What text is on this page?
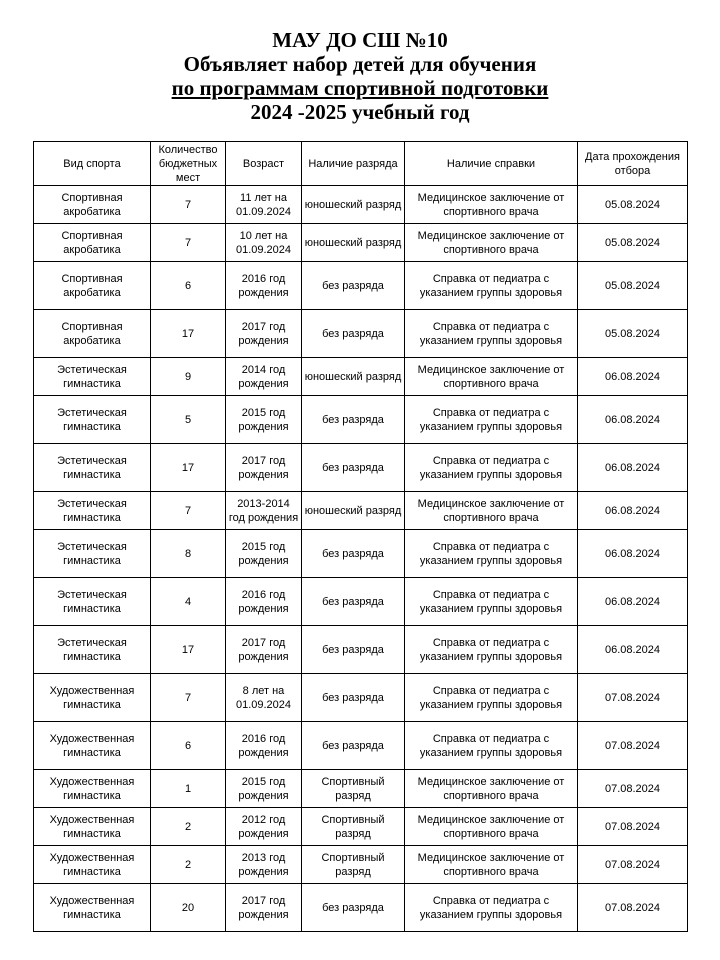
МАУ ДО СШ №10
Объявляет набор детей для обучения
по программам спортивной подготовки
2024 -2025 учебный год
Вид спорта	Количество бюджетных мест	Возраст	Наличие разряда	Наличие справки	Дата прохождения отбора
Спортивная акробатика	7	11 лет на 01.09.2024	юношеский разряд	Медицинское заключение от спортивного врача	05.08.2024
Спортивная акробатика	7	10 лет на 01.09.2024	юношеский разряд	Медицинское заключение от спортивного врача	05.08.2024
Спортивная акробатика	6	2016 год рождения	без разряда	Справка от педиатра с указанием группы здоровья	05.08.2024
Спортивная акробатика	17	2017 год рождения	без разряда	Справка от педиатра с указанием группы здоровья	05.08.2024
Эстетическая гимнастика	9	2014 год рождения	юношеский разряд	Медицинское заключение от спортивного врача	06.08.2024
Эстетическая гимнастика	5	2015 год рождения	без разряда	Справка от педиатра с указанием группы здоровья	06.08.2024
Эстетическая гимнастика	17	2017 год рождения	без разряда	Справка от педиатра с указанием группы здоровья	06.08.2024
Эстетическая гимнастика	7	2013-2014 год рождения	юношеский разряд	Медицинское заключение от спортивного врача	06.08.2024
Эстетическая гимнастика	8	2015 год рождения	без разряда	Справка от педиатра с указанием группы здоровья	06.08.2024
Эстетическая гимнастика	4	2016 год рождения	без разряда	Справка от педиатра с указанием группы здоровья	06.08.2024
Эстетическая гимнастика	17	2017 год рождения	без разряда	Справка от педиатра с указанием группы здоровья	06.08.2024
Художественная гимнастика	7	8 лет на 01.09.2024	без разряда	Справка от педиатра с указанием группы здоровья	07.08.2024
Художественная гимнастика	6	2016 год рождения	без разряда	Справка от педиатра с указанием группы здоровья	07.08.2024
Художественная гимнастика	1	2015 год рождения	Спортивный разряд	Медицинское заключение от спортивного врача	07.08.2024
Художественная гимнастика	2	2012 год рождения	Спортивный разряд	Медицинское заключение от спортивного врача	07.08.2024
Художественная гимнастика	2	2013 год рождения	Спортивный разряд	Медицинское заключение от спортивного врача	07.08.2024
Художественная гимнастика	20	2017 год рождения	без разряда	Справка от педиатра с указанием группы здоровья	07.08.2024
